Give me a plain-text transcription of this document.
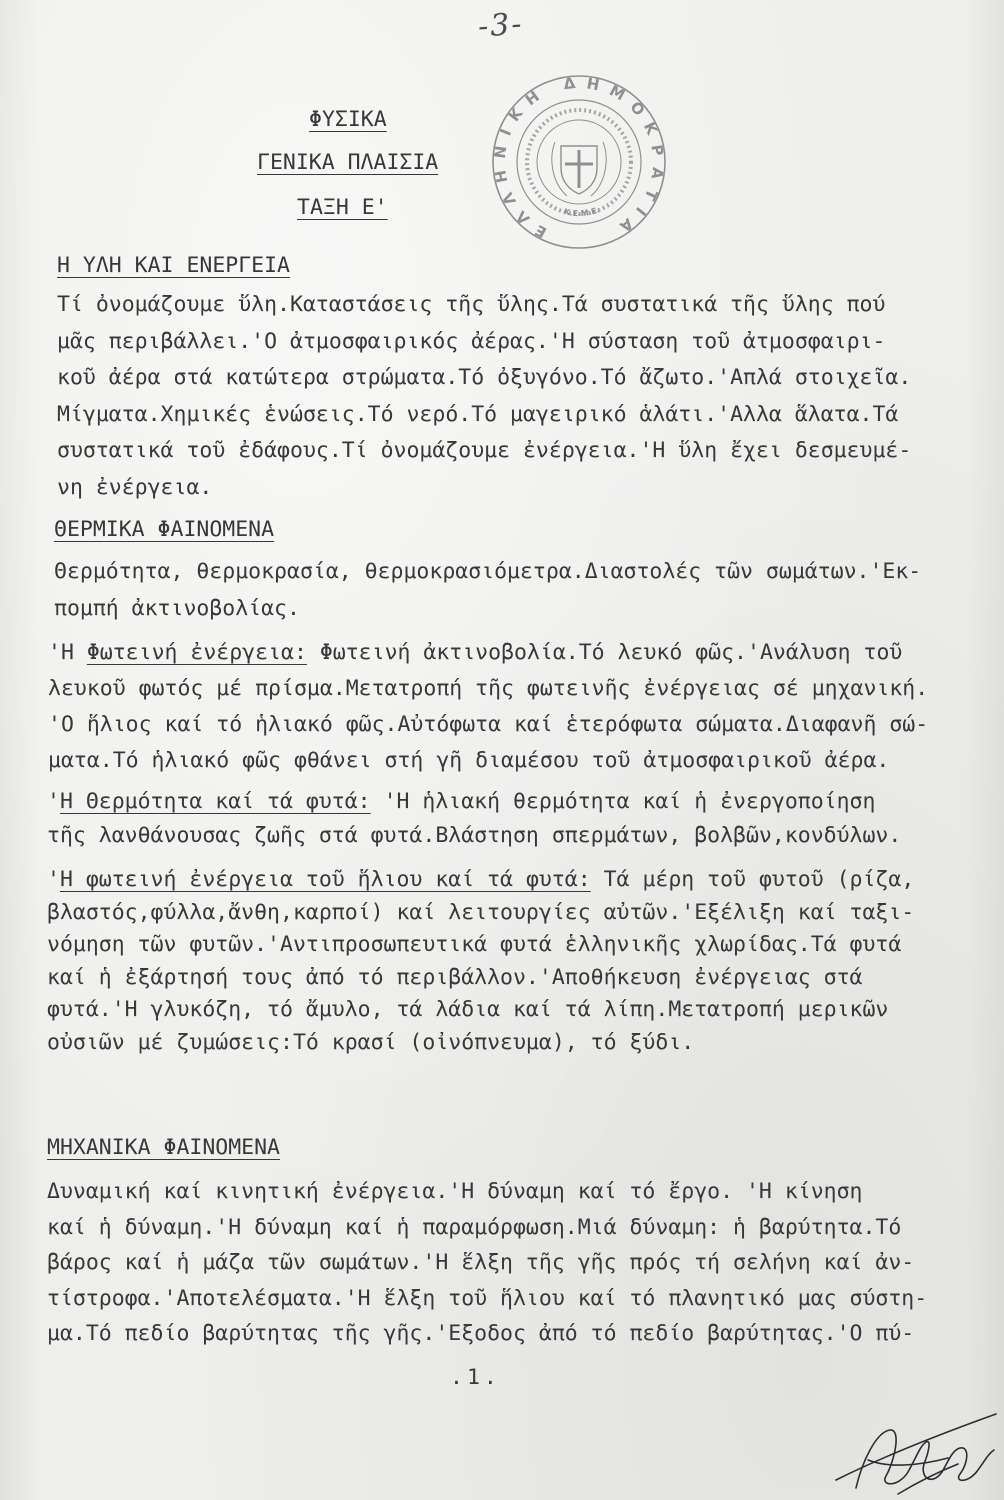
-3-
ΦΥΣΙΚΑ
ΓΕΝΙΚΑ ΠΛΑΙΣΙΑ
ΤΑΞΗ Ε'
ΕΛΛΗΝΙΚΗ ΔΗΜΟΚΡΑΤΙΑ
Κ.Ε.Μ.Ε.
Η ΥΛΗ ΚΑΙ ΕΝΕΡΓΕΙΑ
Τί ὀνομάζουμε ὕλη.Καταστάσεις τῆς ὕλης.Τά συστατικά τῆς ὕλης πού
μᾶς περιβάλλει.'Ο ἀτμοσφαιρικός ἀέρας.'Η σύσταση τοῦ ἀτμοσφαιρι-
κοῦ ἀέρα στά κατώτερα στρώματα.Τό ὀξυγόνο.Τό ἄζωτο.'Απλά στοιχεῖα.
Μίγματα.Χημικές ἑνώσεις.Τό νερό.Τό μαγειρικό ἁλάτι.'Αλλα ἅλατα.Τά
συστατικά τοῦ ἐδάφους.Τί ὀνομάζουμε ἐνέργεια.'Η ὕλη ἔχει δεσμευμέ-
νη ἐνέργεια.
ΘΕΡΜΙΚΑ ΦΑΙΝΟΜΕΝΑ
Θερμότητα, θερμοκρασία, θερμοκρασιόμετρα.Διαστολές τῶν σωμάτων.'Εκ-
πομπή ἀκτινοβολίας.
'Η Φωτεινή ἐνέργεια: Φωτεινή ἀκτινοβολία.Τό λευκό φῶς.'Ανάλυση τοῦ
λευκοῦ φωτός μέ πρίσμα.Μετατροπή τῆς φωτεινῆς ἐνέργειας σέ μηχανική.
'Ο ἥλιος καί τό ἡλιακό φῶς.Αὐτόφωτα καί ἑτερόφωτα σώματα.Διαφανῆ σώ-
ματα.Τό ἡλιακό φῶς φθάνει στή γῆ διαμέσου τοῦ ἀτμοσφαιρικοῦ ἀέρα.
'Η Θερμότητα καί τά φυτά: 'Η ἡλιακή θερμότητα καί ἡ ἐνεργοποίηση
τῆς λανθάνουσας ζωῆς στά φυτά.Βλάστηση σπερμάτων, βολβῶν,κονδύλων.
'Η φωτεινή ἐνέργεια τοῦ ἥλιου καί τά φυτά: Τά μέρη τοῦ φυτοῦ (ρίζα,
βλαστός,φύλλα,ἄνθη,καρποί) καί λειτουργίες αὐτῶν.'Εξέλιξη καί ταξι-
νόμηση τῶν φυτῶν.'Αντιπροσωπευτικά φυτά ἑλληνικῆς χλωρίδας.Τά φυτά
καί ἡ ἐξάρτησή τους ἀπό τό περιβάλλον.'Αποθήκευση ἐνέργειας στά
φυτά.'Η γλυκόζη, τό ἄμυλο, τά λάδια καί τά λίπη.Μετατροπή μερικῶν
οὐσιῶν μέ ζυμώσεις:Τό κρασί (οἰνόπνευμα), τό ξύδι.
ΜΗΧΑΝΙΚΑ ΦΑΙΝΟΜΕΝΑ
Δυναμική καί κινητική ἐνέργεια.'Η δύναμη καί τό ἔργο. 'Η κίνηση
καί ἡ δύναμη.'Η δύναμη καί ἡ παραμόρφωση.Μιά δύναμη: ἡ βαρύτητα.Τό
βάρος καί ἡ μάζα τῶν σωμάτων.'Η ἕλξη τῆς γῆς πρός τή σελήνη καί ἀν-
τίστροφα.'Αποτελέσματα.'Η ἕλξη τοῦ ἥλιου καί τό πλανητικό μας σύστη-
μα.Τό πεδίο βαρύτητας τῆς γῆς.'Εξοδος ἀπό τό πεδίο βαρύτητας.'Ο πύ-
.1.
